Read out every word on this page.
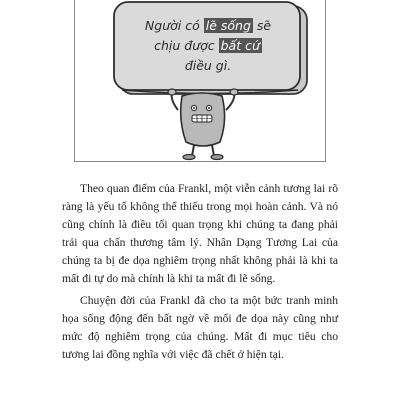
Người có lẽ sống sẽ
chịu được bất cứ
điều gì.

Theo quan điểm của Frankl, một viễn cảnh tương lai rõ ràng là yếu tố không thể thiếu trong mọi hoàn cảnh. Và nó cũng chính là điều tối quan trọng khi chúng ta đang phải trải qua chấn thương tâm lý. Nhân Dạng Tương Lai của chúng ta bị đe dọa nghiêm trọng nhất không phải là khi ta mất đi tự do mà chính là khi ta mất đi lẽ sống.

Chuyện đời của Frankl đã cho ta một bức tranh minh họa sống động đến bất ngờ về mối đe dọa này cũng như mức độ nghiêm trọng của chúng. Mất đi mục tiêu cho tương lai đồng nghĩa với việc đã chết ở hiện tại.
